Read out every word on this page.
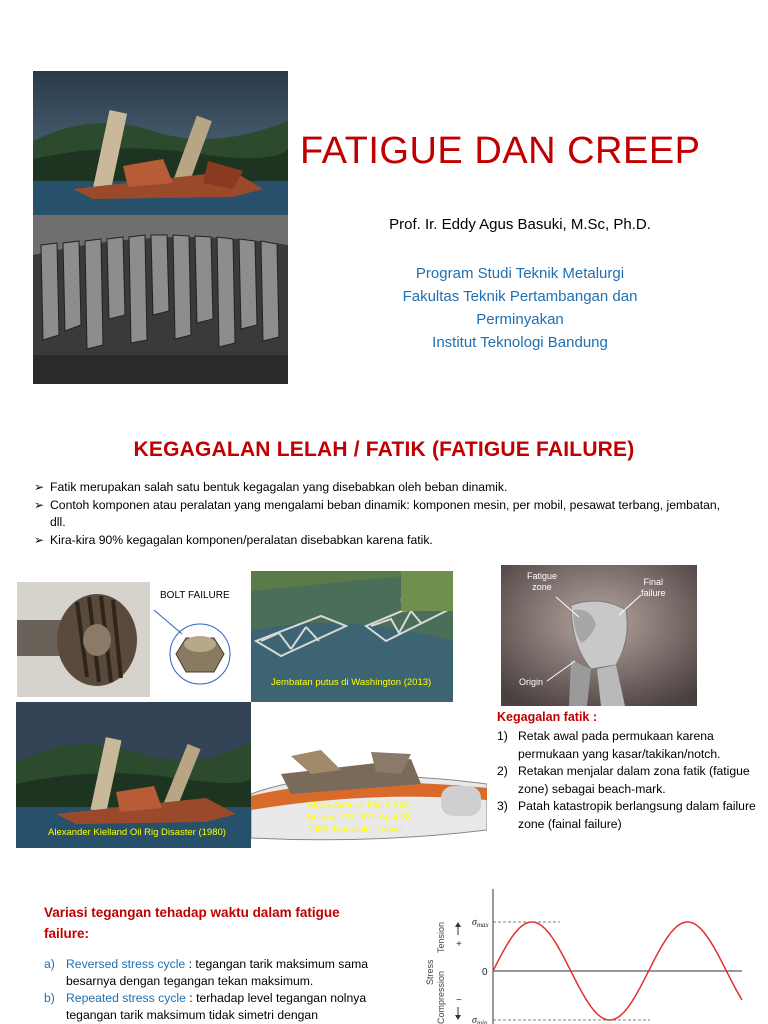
FATIGUE DAN CREEP
Prof. Ir. Eddy Agus Basuki, M.Sc, Ph.D.
Program Studi Teknik Metalurgi
Fakultas Teknik Pertambangan dan
Perminyakan
Institut Teknologi Bandung
KEGAGALAN LELAH / FATIK (FATIGUE FAILURE)
➢ Fatik merupakan salah satu bentuk kegagalan yang disebabkan oleh beban dinamik.
➢ Contoh komponen atau peralatan yang mengalami beban dinamik: komponen mesin, per mobil, pesawat terbang, jembatan, dll.
➢ Kira-kira 90% kegagalan komponen/peralatan disebabkan karena fatik.
BOLT FAILURE
Jembatan putus di Washington (2013)
Fatigue
zone	Final
failure
Origin
Alexander Kielland Oil Rig Disaster (1980)
Aloha Airlines Flight 243,
Boeing 737-200, April 28
1988, Honolulu, Hawaii
Kegagalan fatik :
1) Retak awal pada permukaan karena permukaan yang kasar/takikan/notch.
2) Retakan menjalar dalam zona fatik (fatigue zone) sebagai beach-mark.
3) Patah katastropik berlangsung dalam failure zone (fainal failure)
Variasi tegangan tehadap waktu dalam fatigue failure:
a) Reversed stress cycle : tegangan tarik maksimum sama besarnya dengan tegangan tekan maksimum.
b) Repeated stress cycle : terhadap level tegangan nolnya tegangan tarik maksimum tidak simetri dengan
$\sigma_{max}$
0
$\sigma_{min}$
+
−
Tension
Stress Compression
